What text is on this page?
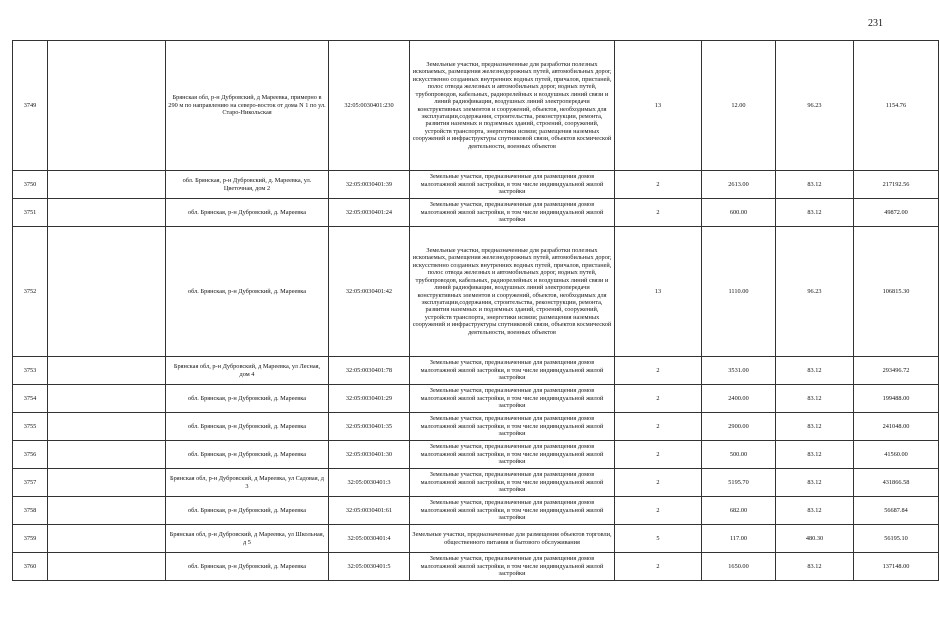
231
3749		Брянская обл, р-н Дубровский, д Мареевка, примерно в 290 м по направлению на северо-восток от дома N 1 по ул. Старо-Никольская	32:05:0030401:230	Земельные участки, предназначенные для разработки полезных ископаемых, размещения железнодорожных путей, автомобильных дорог, искусственно созданных внутренних водных путей, причалов, пристаней, полос отвода железных и автомобильных дорог, водных путей, трубопроводов, кабельных, радиорелейных и воздушных линий связи и линий радиофикации, воздушных линий электропередачи конструктивных элементов и сооружений, объектов, необходимых для эксплуатации,содержания, строительства, реконструкции, ремонта, развития наземных и подземных зданий, строений, сооружений, устройств транспорта, энергетики исвязи; размещения наземных сооружений и инфраструктуры спутниковой связи, объектов космической деятельности, военных объектов	13	12.00	96.23	1154.76
3750		обл. Брянская, р-н Дубровский, д. Мареевка, ул. Цветочная, дом 2	32:05:0030401:39	Земельные участки, предназначенные для размещения домов малоэтажной жилой застройки, в том числе индивидуальной жилой застройки	2	2613.00	83.12	217192.56
3751		обл. Брянская, р-н Дубровский, д. Мареевка	32:05:0030401:24	Земельные участки, предназначенные для размещения домов малоэтажной жилой застройки, в том числе индивидуальной жилой застройки	2	600.00	83.12	49872.00
3752		обл. Брянская, р-н Дубровский, д. Мареевка	32:05:0030401:42	Земельные участки, предназначенные для разработки полезных ископаемых, размещения железнодорожных путей, автомобильных дорог, искусственно созданных внутренних водных путей, причалов, пристаней, полос отвода железных и автомобильных дорог, водных путей, трубопроводов, кабельных, радиорелейных и воздушных линий связи и линий радиофикации, воздушных линий электропередачи конструктивных элементов и сооружений, объектов, необходимых для эксплуатации,содержания, строительства, реконструкции, ремонта, развития наземных и подземных зданий, строений, сооружений, устройств транспорта, энергетики исвязи; размещения наземных сооружений и инфраструктуры спутниковой связи, объектов космической деятельности, военных объектов	13	1110.00	96.23	106815.30
3753		Брянская обл, р-н Дубровский, д Мареевка, ул Лесная, дом 4	32:05:0030401:78	Земельные участки, предназначенные для размещения домов малоэтажной жилой застройки, в том числе индивидуальной жилой застройки	2	3531.00	83.12	293496.72
3754		обл. Брянская, р-н Дубровский, д. Мареевка	32:05:0030401:29	Земельные участки, предназначенные для размещения домов малоэтажной жилой застройки, в том числе индивидуальной жилой застройки	2	2400.00	83.12	199488.00
3755		обл. Брянская, р-н Дубровский, д. Мареевка	32:05:0030401:35	Земельные участки, предназначенные для размещения домов малоэтажной жилой застройки, в том числе индивидуальной жилой застройки	2	2900.00	83.12	241048.00
3756		обл. Брянская, р-н Дубровский, д. Мареевка	32:05:0030401:30	Земельные участки, предназначенные для размещения домов малоэтажной жилой застройки, в том числе индивидуальной жилой застройки	2	500.00	83.12	41560.00
3757		Брянская обл, р-н Дубровский, д Мареевка, ул Садовая, д 3	32:05:0030401:3	Земельные участки, предназначенные для размещения домов малоэтажной жилой застройки, в том числе индивидуальной жилой застройки	2	5195.70	83.12	431866.58
3758		обл. Брянская, р-н Дубровский, д. Мареевка	32:05:0030401:61	Земельные участки, предназначенные для размещения домов малоэтажной жилой застройки, в том числе индивидуальной жилой застройки	2	682.00	83.12	56687.84
3759		Брянская обл, р-н Дубровский, д Мареевка, ул Школьная, д 5	32:05:0030401:4	Земельные участки, предназначенные для размещения объектов торговли, общественного питания и бытового обслуживания	5	117.00	480.30	56195.10
3760		обл. Брянская, р-н Дубровский, д. Мареевка	32:05:0030401:5	Земельные участки, предназначенные для размещения домов малоэтажной жилой застройки, в том числе индивидуальной жилой застройки	2	1650.00	83.12	137148.00
